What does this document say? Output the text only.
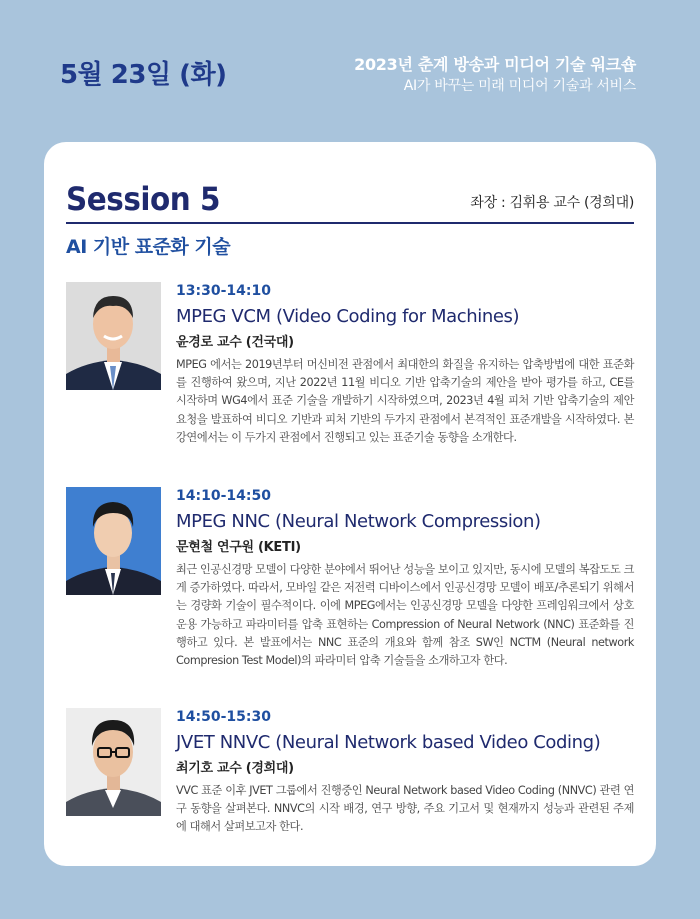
5월 23일 (화)	2023년 춘계 방송과 미디어 기술 워크숍
AI가 바꾸는 미래 미디어 기술과 서비스
Session 5	좌장 : 김휘용 교수 (경희대)
AI 기반 표준화 기술
13:30-14:10
MPEG VCM (Video Coding for Machines)
윤경로 교수 (건국대)
MPEG 에서는 2019년부터 머신비전 관점에서 최대한의 화질을 유지하는 압축방법에 대한 표준화를 진행하여 왔으며, 지난 2022년 11월 비디오 기반 압축기술의 제안을 받아 평가를 하고, CE를 시작하며 WG4에서 표준 기술을 개발하기 시작하였으며, 2023년 4월 피처 기반 압축기술의 제안요청을 발표하여 비디오 기반과 피처 기반의 두가지 관점에서 본격적인 표준개발을 시작하였다. 본 강연에서는 이 두가지 관점에서 진행되고 있는 표준기술 동향을 소개한다.
14:10-14:50
MPEG NNC (Neural Network Compression)
문현철 연구원 (KETI)
최근 인공신경망 모델이 다양한 분야에서 뛰어난 성능을 보이고 있지만, 동시에 모델의 복잡도도 크게 증가하였다. 따라서, 모바일 같은 저전력 디바이스에서 인공신경망 모델이 배포/추론되기 위해서는 경량화 기술이 필수적이다. 이에 MPEG에서는 인공신경망 모델을 다양한 프레임워크에서 상호운용 가능하고 파라미터를 압축 표현하는 Compression of Neural Network (NNC) 표준화를 진행하고 있다. 본 발표에서는 NNC 표준의 개요와 함께 참조 SW인 NCTM (Neural network Compresion Test Model)의 파라미터 압축 기술들을 소개하고자 한다.
14:50-15:30
JVET NNVC (Neural Network based Video Coding)
최기호 교수 (경희대)
VVC 표준 이후 JVET 그룹에서 진행중인 Neural Network based Video Coding (NNVC) 관련 연구 동향을 살펴본다. NNVC의 시작 배경, 연구 방향, 주요 기고서 및 현재까지 성능과 관련된 주제에 대해서 살펴보고자 한다.
